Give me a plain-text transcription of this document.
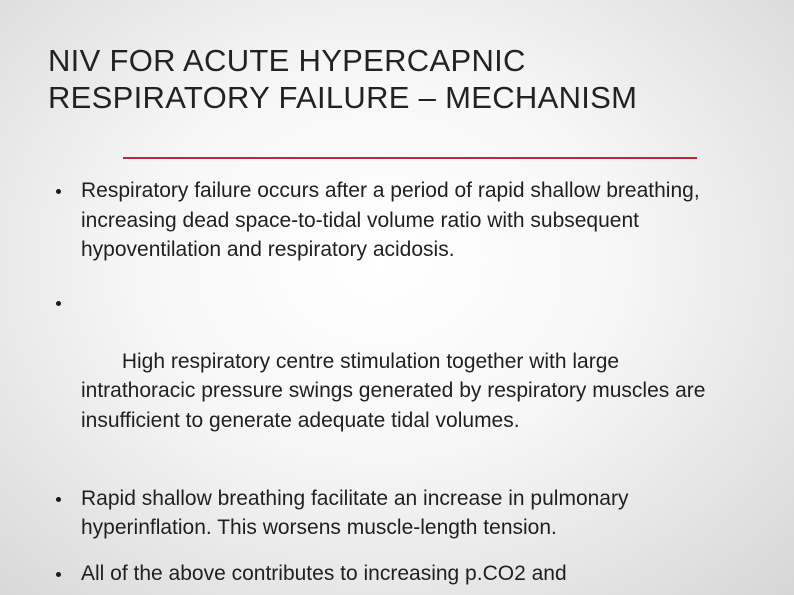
NIV FOR ACUTE HYPERCAPNIC
RESPIRATORY FAILURE – MECHANISM
Respiratory failure occurs after a period of rapid shallow breathing, increasing dead space-to-tidal volume ratio with subsequent hypoventilation and respiratory acidosis.

High respiratory centre stimulation together with large intrathoracic pressure swings generated by respiratory muscles are insufficient to generate adequate tidal volumes.

Rapid shallow breathing facilitate an increase in pulmonary hyperinflation. This worsens muscle-length tension.
All of the above contributes to increasing p.CO2 and
